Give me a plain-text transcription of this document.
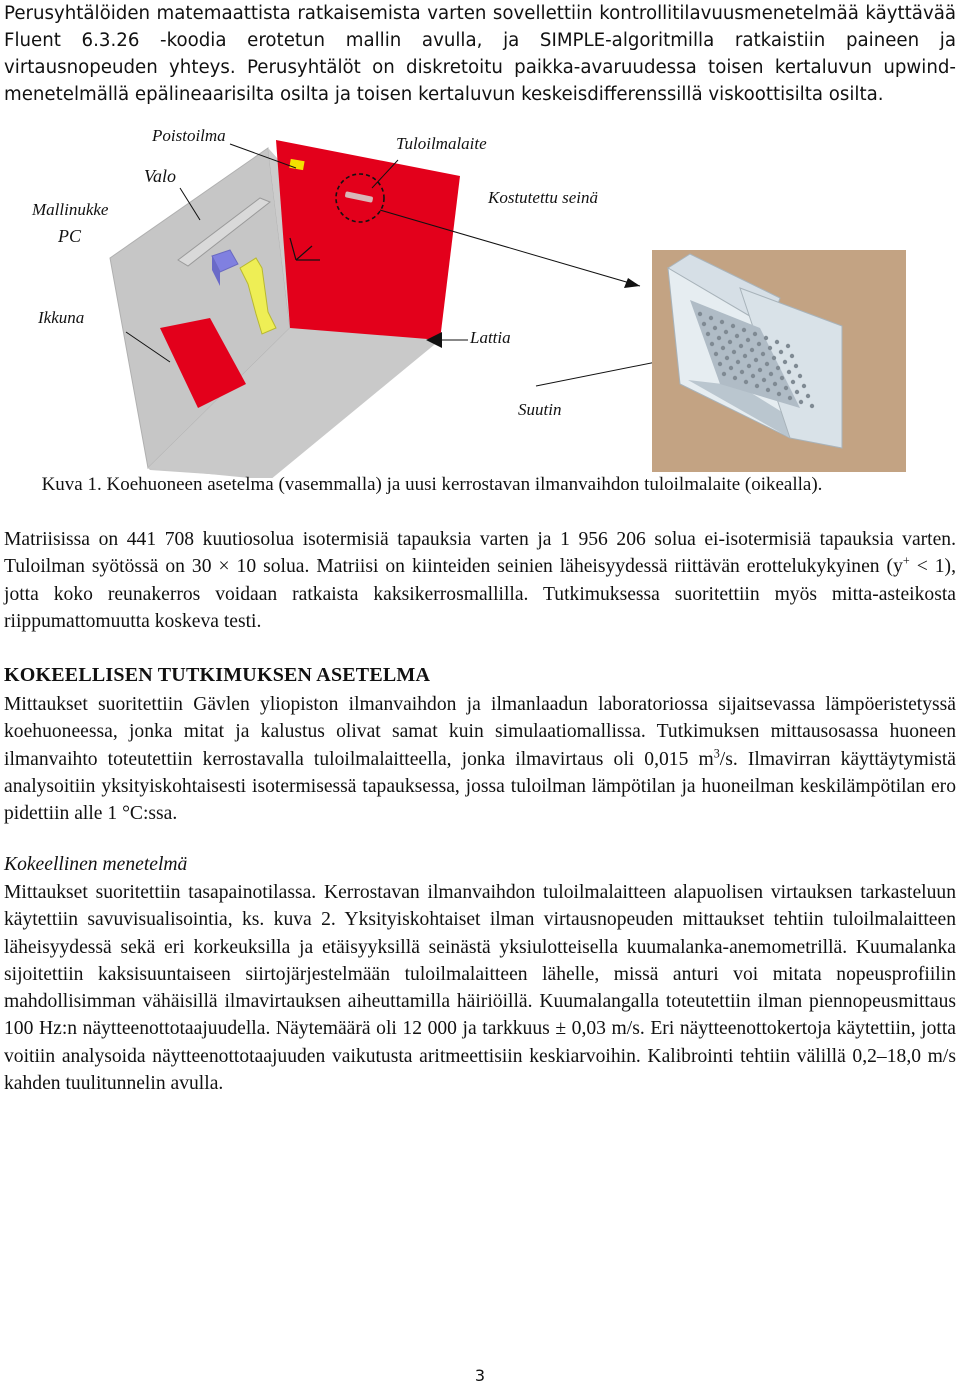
Perusyhtälöiden matemaattista ratkaisemista varten sovellettiin kontrollitilavuusmenetelmää käyttävää Fluent 6.3.26 -koodia erotetun mallin avulla, ja SIMPLE-algoritmilla ratkaistiin paineen ja virtausnopeuden yhteys. Perusyhtälöt on diskretoitu paikka-avaruudessa toisen kertaluvun upwind-menetelmällä epälineaarisilta osilta ja toisen kertaluvun keskeisdifferenssillä viskoottisilta osilta.

Poistoilma	Tuloilmalaite
Valo
Kostutettu seinä
Mallinukke
PC
Ikkuna
Lattia
Suutin
Kuva 1. Koehuoneen asetelma (vasemmalla) ja uusi kerrostavan ilmanvaihdon tuloilmalaite (oikealla).

Matriisissa on 441 708 kuutiosolua isotermisiä tapauksia varten ja 1 956 206 solua ei-isotermisiä tapauksia varten. Tuloilman syötössä on 30 × 10 solua. Matriisi on kiinteiden seinien läheisyydessä riittävän erottelukykyinen (y+ < 1), jotta koko reunakerros voidaan ratkaista kaksikerrosmallilla. Tutkimuksessa suoritettiin myös mitta-asteikosta riippumattomuutta koskeva testi.

KOKEELLISEN TUTKIMUKSEN ASETELMA

Mittaukset suoritettiin Gävlen yliopiston ilmanvaihdon ja ilmanlaadun laboratoriossa sijaitsevassa lämpöeristetyssä koehuoneessa, jonka mitat ja kalustus olivat samat kuin simulaatiomallissa. Tutkimuksen mittausosassa huoneen ilmanvaihto toteutettiin kerrostavalla tuloilmalaitteella, jonka ilmavirtaus oli 0,015 $m^3/s$. Ilmavirran käyttäytymistä analysoitiin yksityiskohtaisesti isotermisessä tapauksessa, jossa tuloilman lämpötilan ja huoneilman keskilämpötilan ero pidettiin alle 1 °C:ssa.

Kokeellinen menetelmä

Mittaukset suoritettiin tasapainotilassa. Kerrostavan ilmanvaihdon tuloilmalaitteen alapuolisen virtauksen tarkasteluun käytettiin savuvisualisointia, ks. kuva 2. Yksityiskohtaiset ilman virtausnopeuden mittaukset tehtiin tuloilmalaitteen läheisyydessä sekä eri korkeuksilla ja etäisyyksillä seinästä yksiulotteisella kuumalanka-anemometrillä. Kuumalanka sijoitettiin kaksisuuntaiseen siirtojärjestelmään tuloilmalaitteen lähelle, missä anturi voi mitata nopeusprofiilin mahdollisimman vähäisillä ilmavirtauksen aiheuttamilla häiriöillä. Kuumalangalla toteutettiin ilman piennopeusmittaus 100 Hz:n näytteenottotaajuudella. Näytemäärä oli 12 000 ja tarkkuus ± 0,03 m/s. Eri näytteenottokertoja käytettiin, jotta voitiin analysoida näytteenottotaajuuden vaikutusta aritmeettisiin keskiarvoihin. Kalibrointi tehtiin välillä 0,2–18,0 m/s kahden tuulitunnelin avulla.

3
